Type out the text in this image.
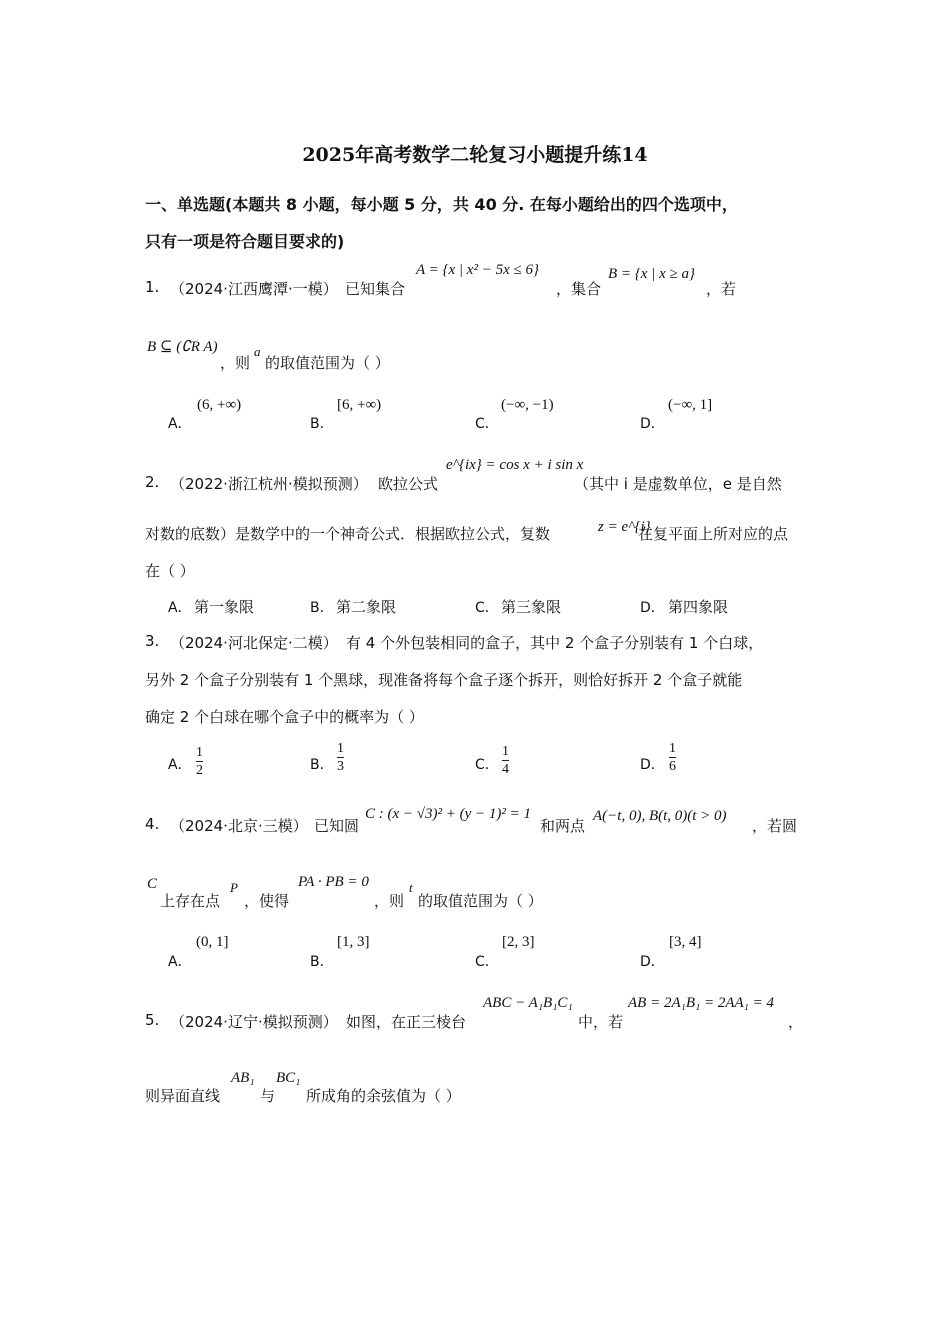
2025年高考数学二轮复习小题提升练14
一、单选题(本题共 8 小题，每小题 5 分，共 40 分. 在每小题给出的四个选项中，
只有一项是符合题目要求的)
1. （2024·江西鹰潭·一模） 已知集合
A = {x | x² − 5x ≤ 6}
，集合
B = {x | x ≥ a}
，若
B ⊆ (∁R A)
，则
a
的取值范围为（ ）
A．
(6, +∞)
B．
[6, +∞)
C．
(−∞, −1)
D．
(−∞, 1]
2. （2022·浙江杭州·模拟预测） 欧拉公式
e^{ix} = cos x + i sin x
（其中 i 是虚数单位，e 是自然
对数的底数）是数学中的一个神奇公式．根据欧拉公式，复数	z = e^{i}
在复平面上所对应的点
在（ ）
A． 第一象限	B． 第二象限	C． 第三象限	D． 第四象限
3. （2024·河北保定·二模） 有 4 个外包装相同的盒子，其中 2 个盒子分别装有 1 个白球，
另外 2 个盒子分别装有 1 个黑球，现准备将每个盒子逐个拆开，则恰好拆开 2 个盒子就能
确定 2 个白球在哪个盒子中的概率为（ ）
A． $\frac{1}{2}$	B． $\frac{1}{3}$	C． $\frac{1}{4}$	D． $\frac{1}{6}$
4. （2024·北京·三模） 已知圆
C : (x − √3)² + (y − 1)² = 1
和两点
A(−t, 0), B(t, 0)(t > 0)
，若圆
C
上存在点
P
，使得
PA · PB = 0
，则
t
的取值范围为（ ）
A．
(0, 1]
B．
[1, 3]
C．
[2, 3]
D．
[3, 4]
5. （2024·辽宁·模拟预测） 如图，在正三棱台
ABC − A₁B₁C₁
中，若
AB = 2A₁B₁ = 2AA₁ = 4
，
则异面直线
AB₁
与
BC₁
所成角的余弦值为（ ）
